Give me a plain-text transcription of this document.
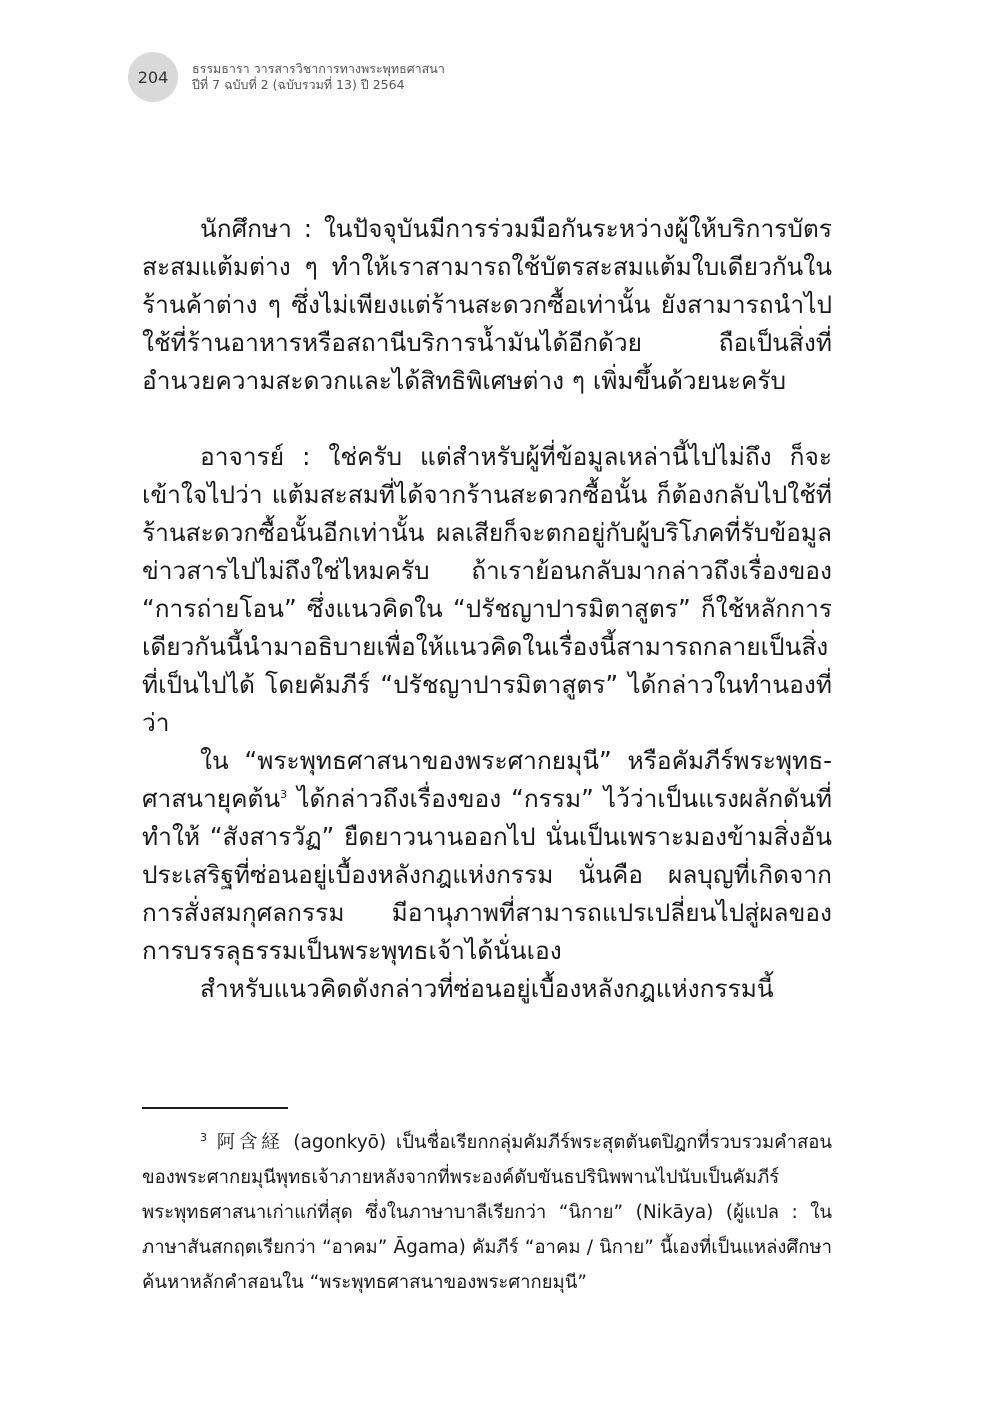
204 ธรรมธารา วารสารวิชาการทางพระพุทธศาสนา
ปีที่ 7 ฉบับที่ 2 (ฉบับรวมที่ 13) ปี 2564

นักศึกษา : ในปัจจุบันมีการร่วมมือกันระหว่างผู้ให้บริการบัตรสะสมแต้มต่าง ๆ ทำให้เราสามารถใช้บัตรสะสมแต้มใบเดียวกันในร้านค้าต่าง ๆ ซึ่งไม่เพียงแต่ร้านสะดวกซื้อเท่านั้น ยังสามารถนำไปใช้ที่ร้านอาหารหรือสถานีบริการน้ำมันได้อีกด้วย ถือเป็นสิ่งที่อำนวยความสะดวกและได้สิทธิพิเศษต่าง ๆ เพิ่มขึ้นด้วยนะครับ

อาจารย์ : ใช่ครับ แต่สำหรับผู้ที่ข้อมูลเหล่านี้ไปไม่ถึง ก็จะเข้าใจไปว่า แต้มสะสมที่ได้จากร้านสะดวกซื้อนั้น ก็ต้องกลับไปใช้ที่ร้านสะดวกซื้อนั้นอีกเท่านั้น ผลเสียก็จะตกอยู่กับผู้บริโภคที่รับข้อมูลข่าวสารไปไม่ถึงใช่ไหมครับ ถ้าเราย้อนกลับมากล่าวถึงเรื่องของ “การถ่ายโอน” ซึ่งแนวคิดใน “ปรัชญาปารมิตาสูตร” ก็ใช้หลักการเดียวกันนี้นำมาอธิบายเพื่อให้แนวคิดในเรื่องนี้สามารถกลายเป็นสิ่งที่เป็นไปได้ โดยคัมภีร์ “ปรัชญาปารมิตาสูตร” ได้กล่าวในทำนองที่ว่า

ใน “พระพุทธศาสนาของพระศากยมุนี” หรือคัมภีร์พระพุทธ-ศาสนายุคต้น$^3$ ได้กล่าวถึงเรื่องของ “กรรม” ไว้ว่าเป็นแรงผลักดันที่ทำให้ “สังสารวัฏ” ยืดยาวนานออกไป นั่นเป็นเพราะมองข้ามสิ่งอันประเสริฐที่ซ่อนอยู่เบื้องหลังกฎแห่งกรรม นั่นคือ ผลบุญที่เกิดจากการสั่งสมกุศลกรรม มีอานุภาพที่สามารถแปรเปลี่ยนไปสู่ผลของการบรรลุธรรมเป็นพระพุทธเจ้าได้นั่นเอง

สำหรับแนวคิดดังกล่าวที่ซ่อนอยู่เบื้องหลังกฎแห่งกรรมนี้

$^3$ 阿含経 (agonkyō) เป็นชื่อเรียกกลุ่มคัมภีร์พระสุตตันตปิฎกที่รวบรวมคำสอนของพระศากยมุนีพุทธเจ้าภายหลังจากที่พระองค์ดับขันธปรินิพพานไปนับเป็นคัมภีร์พระพุทธศาสนาเก่าแก่ที่สุด ซึ่งในภาษาบาลีเรียกว่า “นิกาย” (Nikāya) (ผู้แปล : ในภาษาสันสกฤตเรียกว่า “อาคม” Āgama) คัมภีร์ “อาคม / นิกาย” นี้เองที่เป็นแหล่งศึกษาค้นหาหลักคำสอนใน “พระพุทธศาสนาของพระศากยมุนี”
